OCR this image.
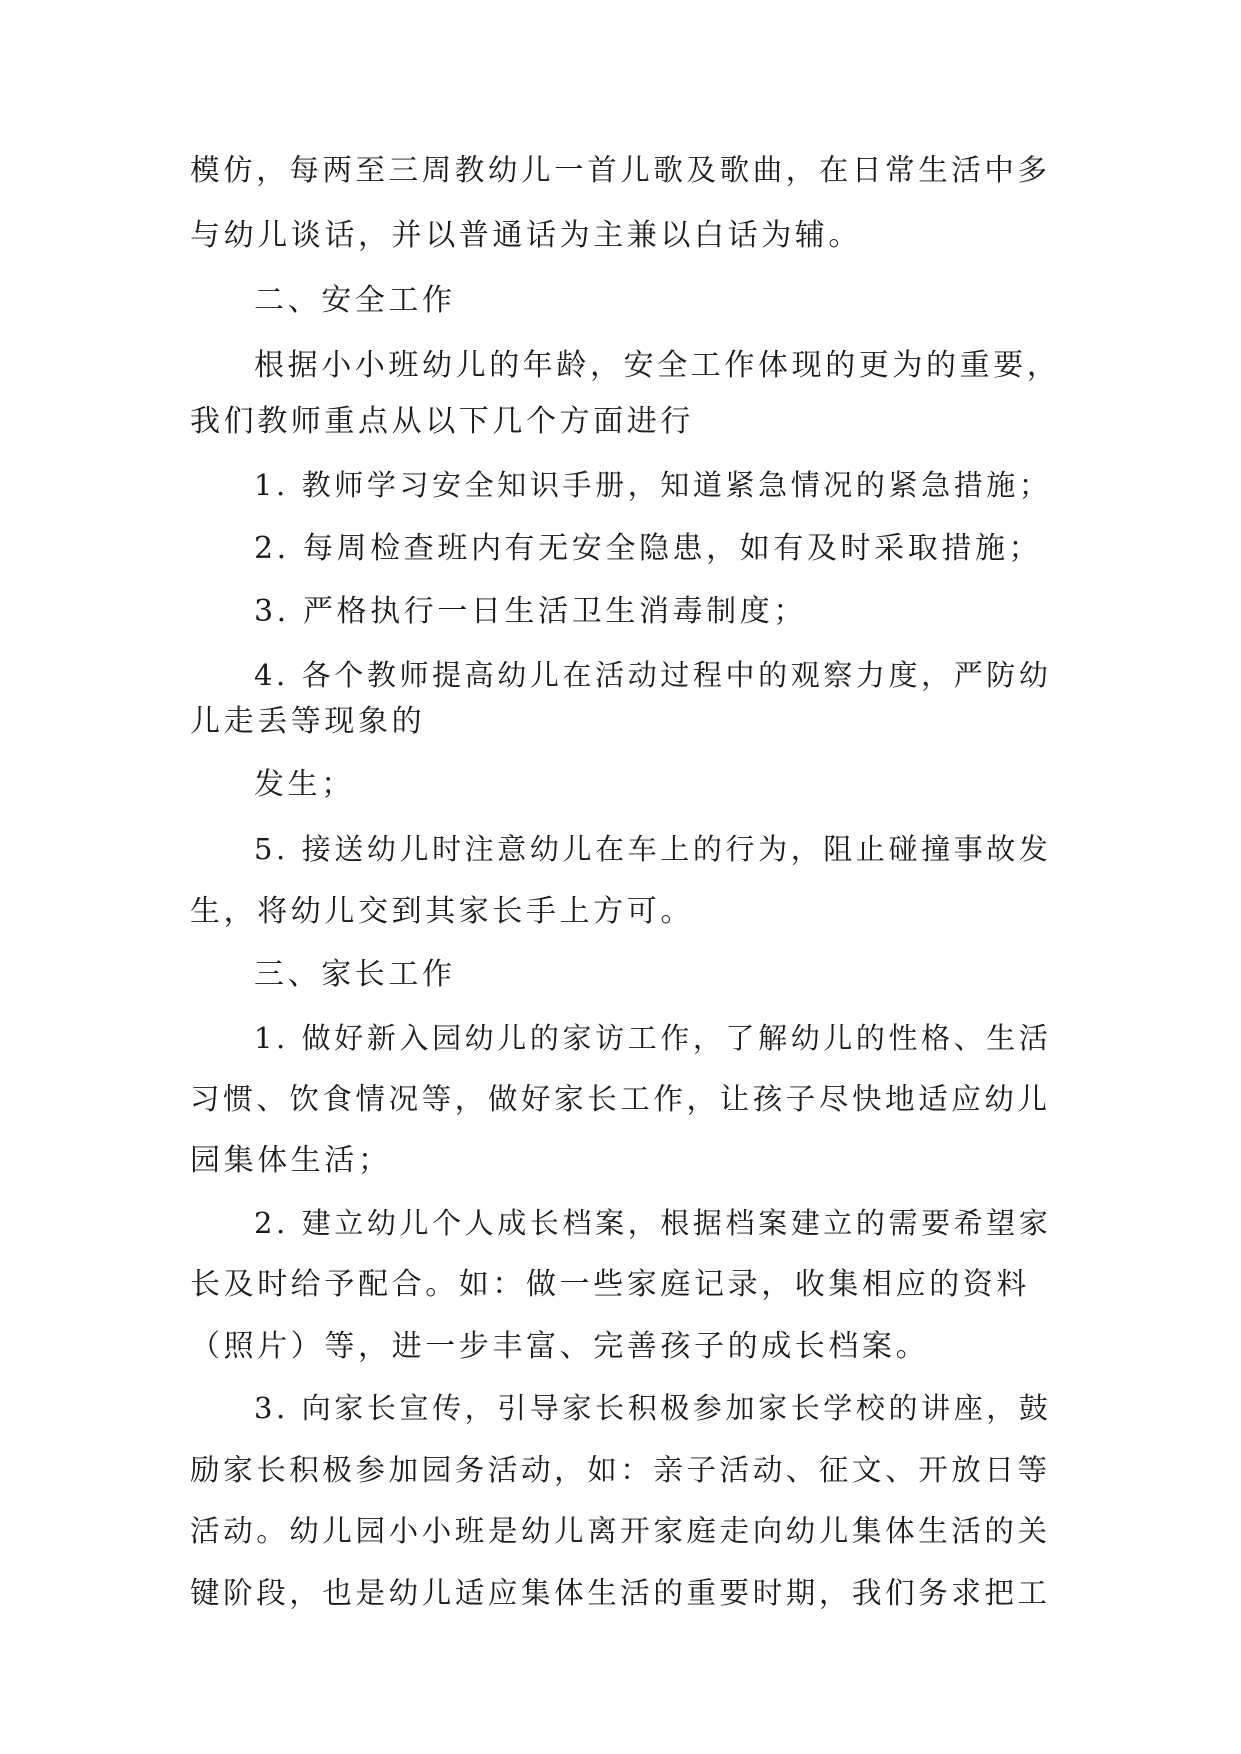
模仿，每两至三周教幼儿一首儿歌及歌曲，在日常生活中多
与幼儿谈话，并以普通话为主兼以白话为辅。
二、安全工作
根据小小班幼儿的年龄，安全工作体现的更为的重要，
我们教师重点从以下几个方面进行
1. 教师学习安全知识手册，知道紧急情况的紧急措施；
2. 每周检查班内有无安全隐患，如有及时采取措施；
3. 严格执行一日生活卫生消毒制度；
4. 各个教师提高幼儿在活动过程中的观察力度，严防幼
儿走丢等现象的
发生；
5. 接送幼儿时注意幼儿在车上的行为，阻止碰撞事故发
生，将幼儿交到其家长手上方可。
三、家长工作
1. 做好新入园幼儿的家访工作，了解幼儿的性格、生活
习惯、饮食情况等，做好家长工作，让孩子尽快地适应幼儿
园集体生活；
2. 建立幼儿个人成长档案，根据档案建立的需要希望家
长及时给予配合。如：做一些家庭记录，收集相应的资料
（照片）等，进一步丰富、完善孩子的成长档案。
3. 向家长宣传，引导家长积极参加家长学校的讲座，鼓
励家长积极参加园务活动，如：亲子活动、征文、开放日等
活动。幼儿园小小班是幼儿离开家庭走向幼儿集体生活的关
键阶段，也是幼儿适应集体生活的重要时期，我们务求把工
